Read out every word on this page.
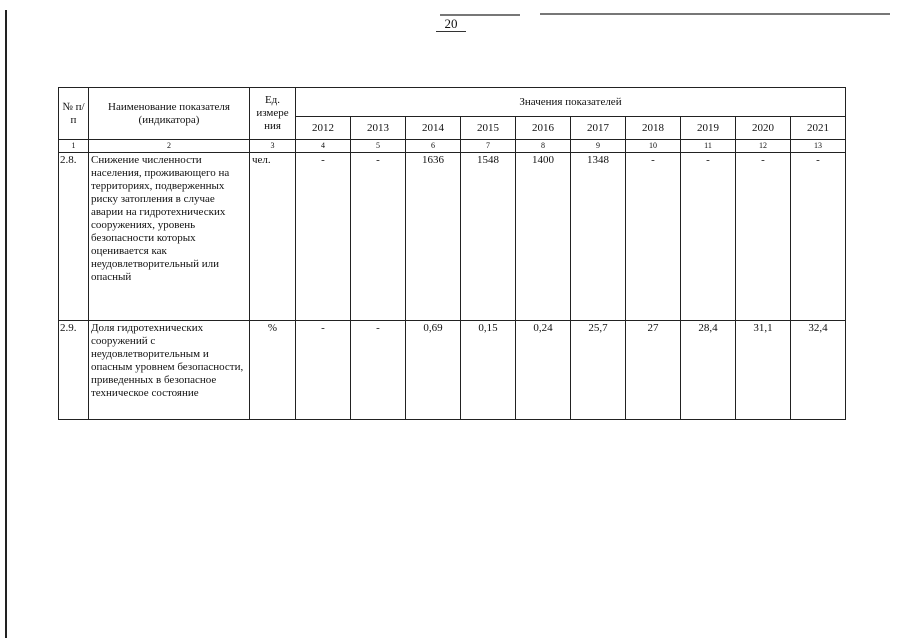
20
№ п/п	Наименование показателя (индикатора)	Ед. измере ния	Значения показателей									
			2012	2013	2014	2015	2016	2017	2018	2019	2020	2021
1	2	3	4	5	6	7	8	9	10	11	12	13
2.8.	Снижение численности населения, проживающего на территориях, подверженных риску затопления в случае аварии на гидротехнических сооружениях, уровень безопасности которых оценивается как неудовлетворительный или опасный	чел.	-	-	1636	1548	1400	1348	-	-	-	-
2.9.	Доля гидротехнических сооружений с неудовлетворительным и опасным уровнем безопасности, приведенных в безопасное техническое состояние	%	-	-	0,69	0,15	0,24	25,7	27	28,4	31,1	32,4
